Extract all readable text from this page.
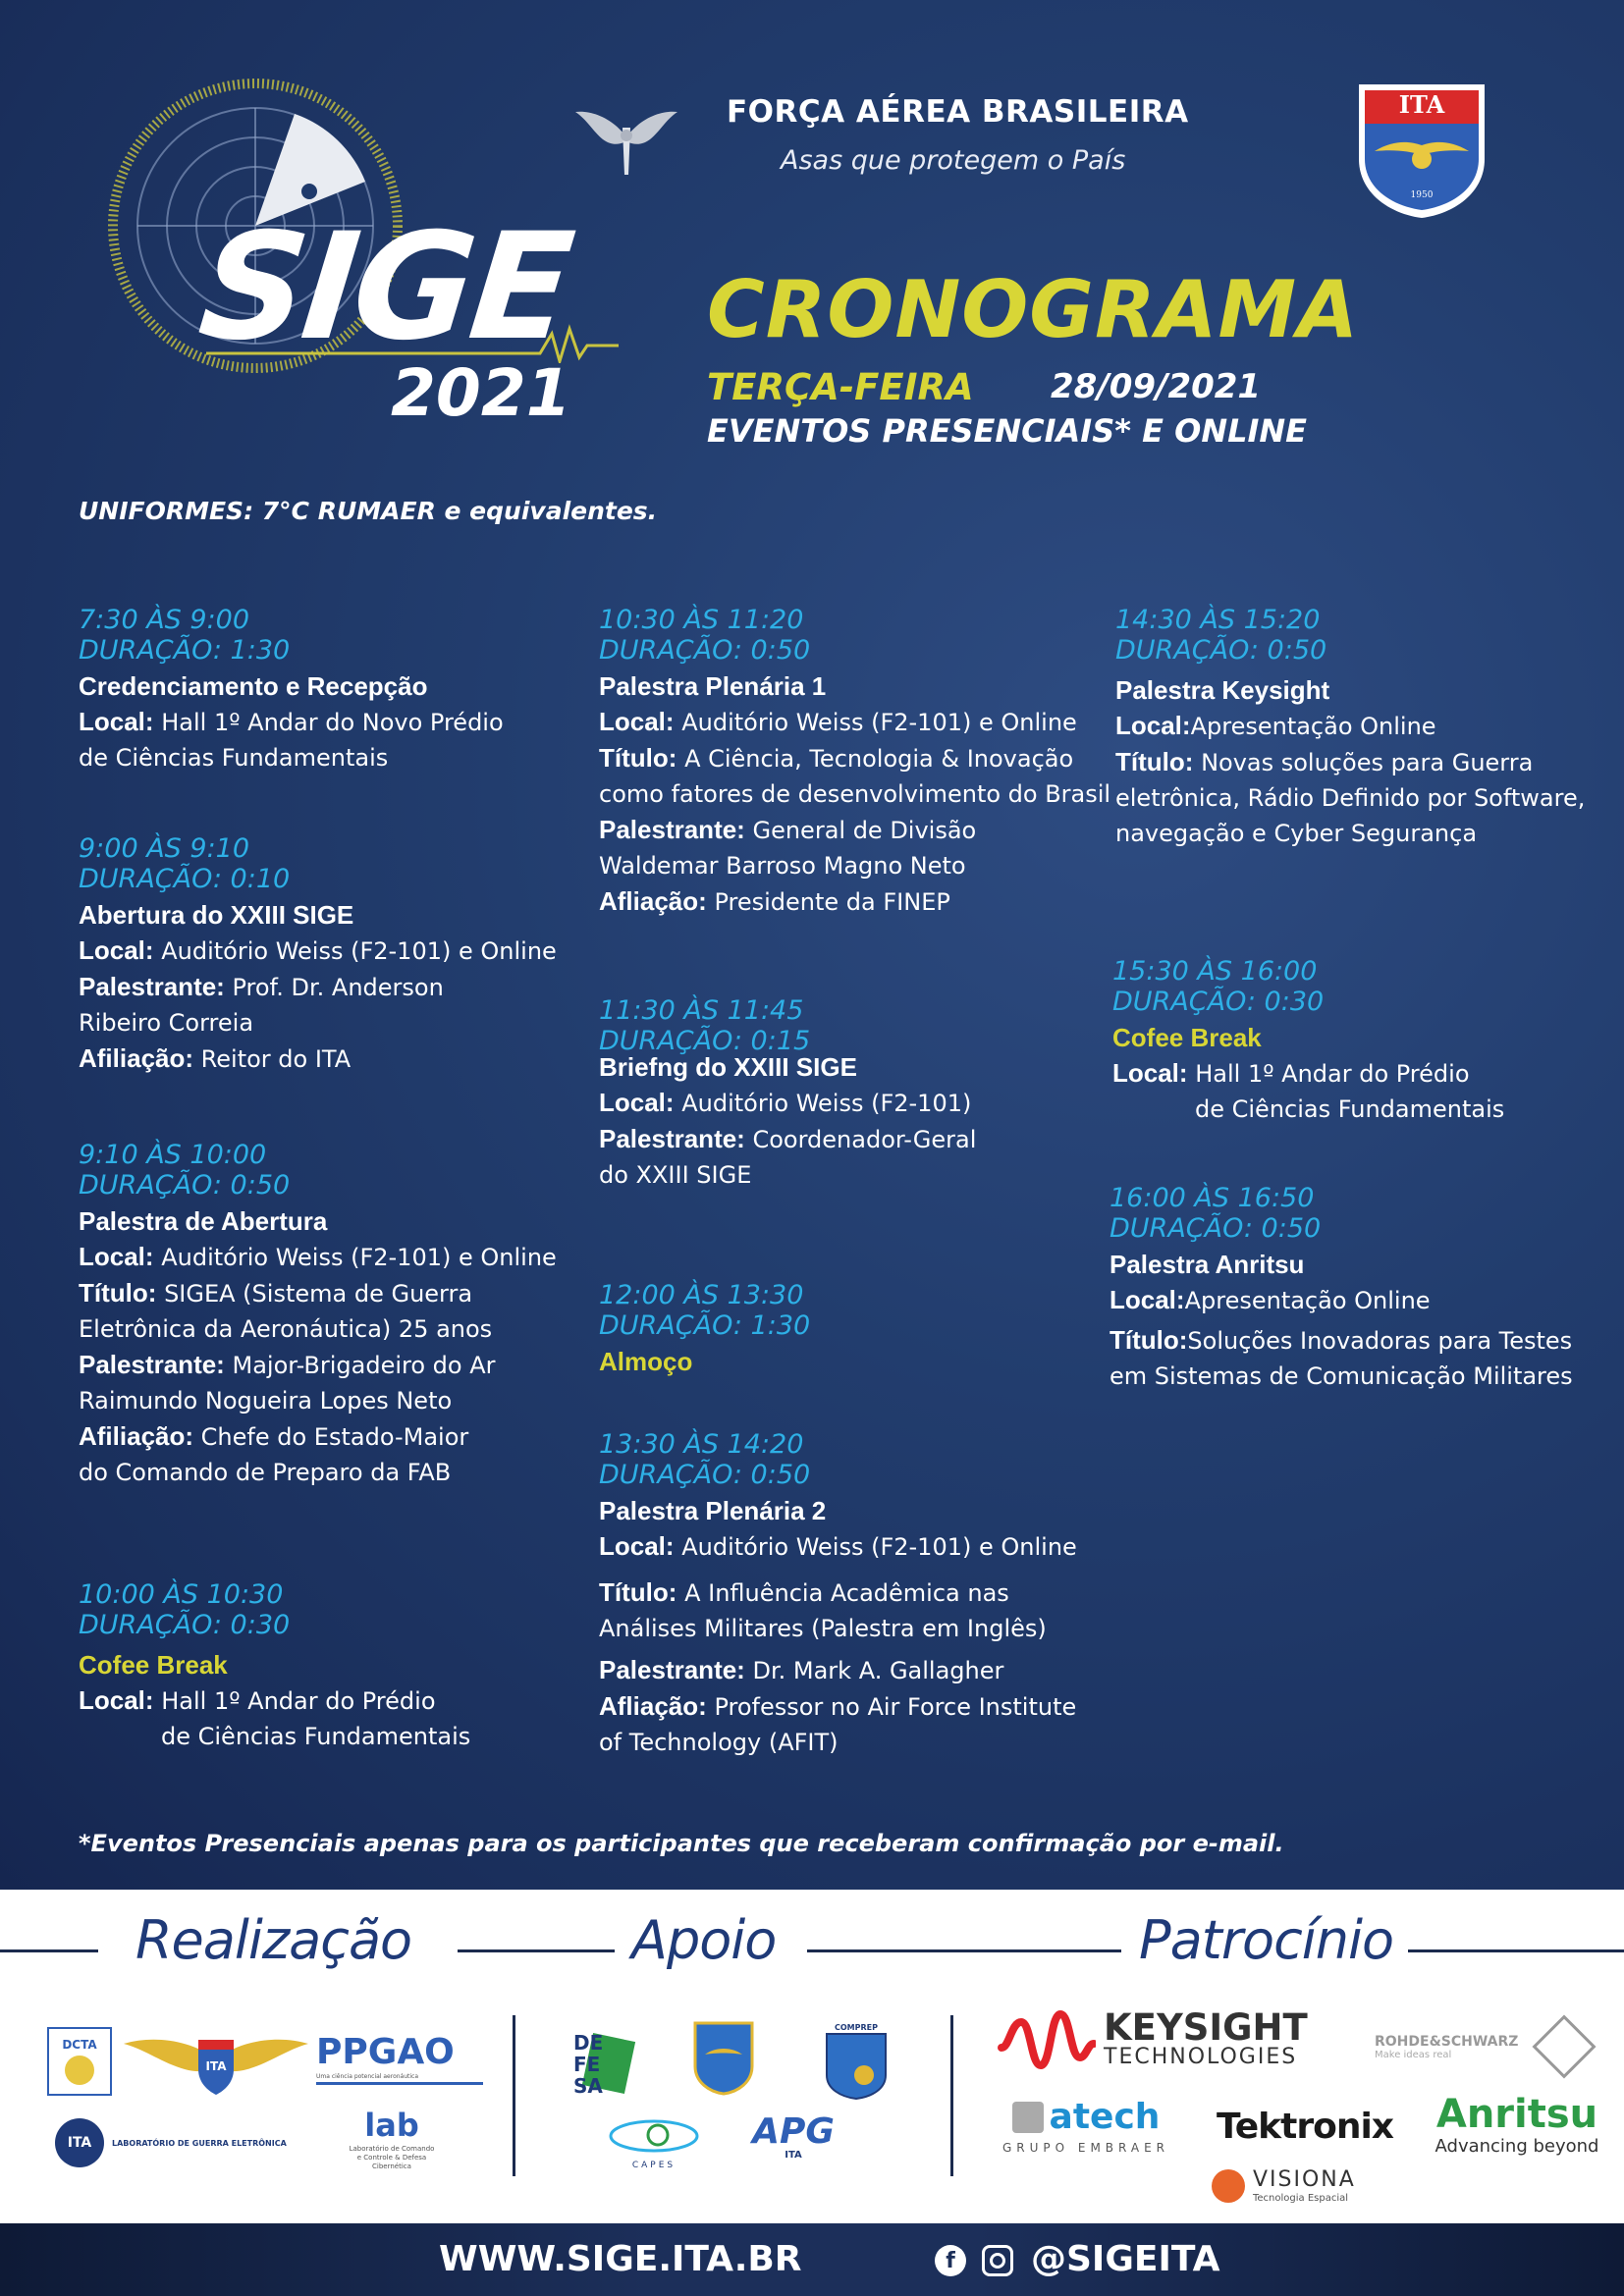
SIGE
2021
FORÇA AÉREA BRASILEIRA
Asas que protegem o País
ITA
1950
CRONOGRAMA
TERÇA-FEIRA 28/09/2021
EVENTOS PRESENCIAIS* E ONLINE
UNIFORMES: 7°C RUMAER e equivalentes.
7:30 ÀS 9:00
DURAÇÃO: 1:30
Credenciamento e Recepção
Local: Hall 1º Andar do Novo Prédio
de Ciências Fundamentais
9:00 ÀS 9:10
DURAÇÃO: 0:10
Abertura do XXIII SIGE
Local: Auditório Weiss (F2-101) e Online
Palestrante: Prof. Dr. Anderson
Ribeiro Correia
Afiliação: Reitor do ITA
9:10 ÀS 10:00
DURAÇÃO: 0:50
Palestra de Abertura
Local: Auditório Weiss (F2-101) e Online
Título: SIGEA (Sistema de Guerra
Eletrônica da Aeronáutica) 25 anos
Palestrante: Major-Brigadeiro do Ar
Raimundo Nogueira Lopes Neto
Afiliação: Chefe do Estado-Maior
do Comando de Preparo da FAB
10:00 ÀS 10:30
DURAÇÃO: 0:30
Cofee Break
Local: Hall 1º Andar do Prédio
de Ciências Fundamentais
10:30 ÀS 11:20
DURAÇÃO: 0:50
Palestra Plenária 1
Local: Auditório Weiss (F2-101) e Online
Título: A Ciência, Tecnologia & Inovação
como fatores de desenvolvimento do Brasil
Palestrante: General de Divisão
Waldemar Barroso Magno Neto
Afliação: Presidente da FINEP
11:30 ÀS 11:45
DURAÇÃO: 0:15
Briefng do XXIII SIGE
Local: Auditório Weiss (F2-101)
Palestrante: Coordenador-Geral
do XXIII SIGE
12:00 ÀS 13:30
DURAÇÃO: 1:30
Almoço
13:30 ÀS 14:20
DURAÇÃO: 0:50
Palestra Plenária 2
Local: Auditório Weiss (F2-101) e Online
Título: A Influência Acadêmica nas
Análises Militares (Palestra em Inglês)
Palestrante: Dr. Mark A. Gallagher
Afliação: Professor no Air Force Institute
of Technology (AFIT)
14:30 ÀS 15:20
DURAÇÃO: 0:50
Palestra Keysight
Local:Apresentação Online
Título: Novas soluções para Guerra
eletrônica, Rádio Definido por Software,
navegação e Cyber Segurança
15:30 ÀS 16:00
DURAÇÃO: 0:30
Cofee Break
Local: Hall 1º Andar do Prédio
de Ciências Fundamentais
16:00 ÀS 16:50
DURAÇÃO: 0:50
Palestra Anritsu
Local:Apresentação Online
Título:Soluções Inovadoras para Testes
em Sistemas de Comunicação Militares
*Eventos Presenciais apenas para os participantes que receberam confirmação por e-mail.
Realização	Apoio	Patrocínio
DCTA
ITA	PPGAO
Uma ciência potencial aeronáutica
ITA	LABORATÓRIO DE GUERRA ELETRÔNICA lab
Laboratório de Comando e Controle & Defesa Cibernética
DE FE SA
COMPREP
CAPES
APG
ITA
KEYSIGHT
TECHNOLOGIES
ROHDE&SCHWARZ
Make ideas real
atech
GRUPO EMBRAER
Tektronix Anritsu
Advancing beyond
VISIONA
Tecnologia Espacial
WWW.SIGE.ITA.BR	f	@SIGEITA
